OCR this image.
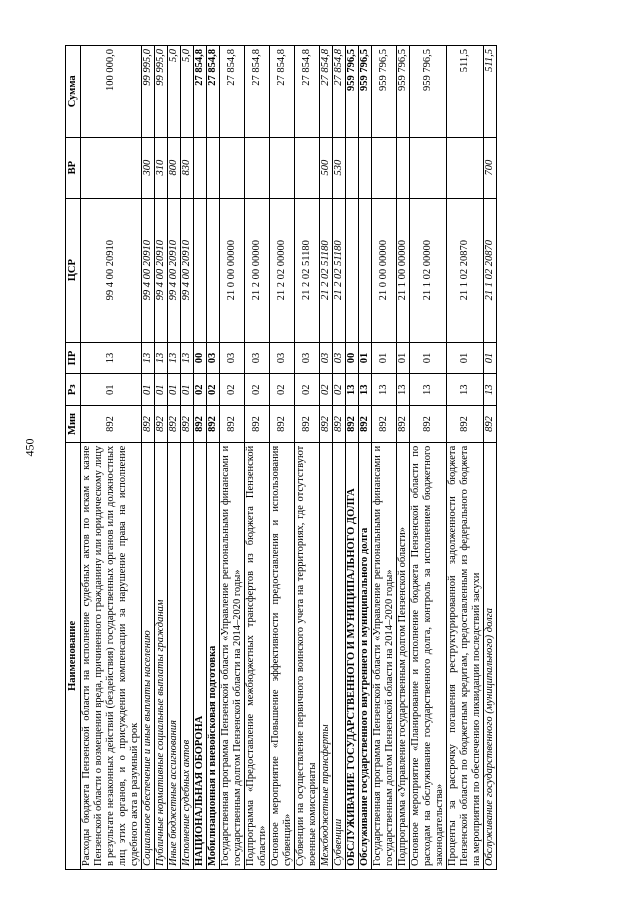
450
Наименование	Мин	Рз	ПР	ЦСР	ВР	Сумма
Расходы бюджета Пензенской области на исполнение судебных актов по искам к казне Пензенской области о возмещении вреда, причиненного гражданину или юридическому лицу в результате незаконных действий (бездействия) государственных органов или должностных лиц этих органов, и о присуждении компенсации за нарушение права на исполнение судебного акта в разумный срок	892	01	13	99 4 00 20910		100 000,0
Социальное обеспечение и иные выплаты населению	892	01	13	99 4 00 20910	300	99 995,0
Публичные нормативные социальные выплаты гражданам	892	01	13	99 4 00 20910	310	99 995,0
Иные бюджетные ассигнования	892	01	13	99 4 00 20910	800	5,0
Исполнение судебных актов	892	01	13	99 4 00 20910	830	5,0
НАЦИОНАЛЬНАЯ ОБОРОНА	892	02	00			27 854,8
Мобилизационная и вневойсковая подготовка	892	02	03			27 854,8
Государственная программа Пензенской области «Управление региональными финансами и государственным долгом Пензенской области на 2014–2020 годы»	892	02	03	21 0 00 00000		27 854,8
Подпрограмма «Предоставление межбюджетных трансфертов из бюджета Пензенской области»	892	02	03	21 2 00 00000		27 854,8
Основное мероприятие «Повышение эффективности предоставления и использования субвенций»	892	02	03	21 2 02 00000		27 854,8
Субвенции на осуществление первичного воинского учета на территориях, где отсутствуют военные комиссариаты	892	02	03	21 2 02 51180		27 854,8
Межбюджетные трансферты	892	02	03	21 2 02 51180	500	27 854,8
Субвенции	892	02	03	21 2 02 51180	530	27 854,8
ОБСЛУЖИВАНИЕ ГОСУДАРСТВЕННОГО И МУНИЦИПАЛЬНОГО ДОЛГА	892	13	00			959 796,5
Обслуживание государственного внутреннего и муниципального долга	892	13	01			959 796,5
Государственная программа Пензенской области «Управление региональными финансами и государственным долгом Пензенской области на 2014–2020 годы»	892	13	01	21 0 00 00000		959 796,5
Подпрограмма «Управление государственным долгом Пензенской области»	892	13	01	21 1 00 00000		959 796,5
Основное мероприятие «Планирование и исполнение бюджета Пензенской области по расходам на обслуживание государственного долга, контроль за исполнением бюджетного законодательства»	892	13	01	21 1 02 00000		959 796,5
Проценты за рассрочку погашения реструктурированной задолженности бюджета Пензенской области по бюджетным кредитам, предоставленным из федерального бюджета на мероприятия по обеспечению ликвидации последствий засухи	892	13	01	21 1 02 20870		511,5
Обслуживание государственного (муниципального) долга	892	13	01	21 1 02 20870	700	511,5
